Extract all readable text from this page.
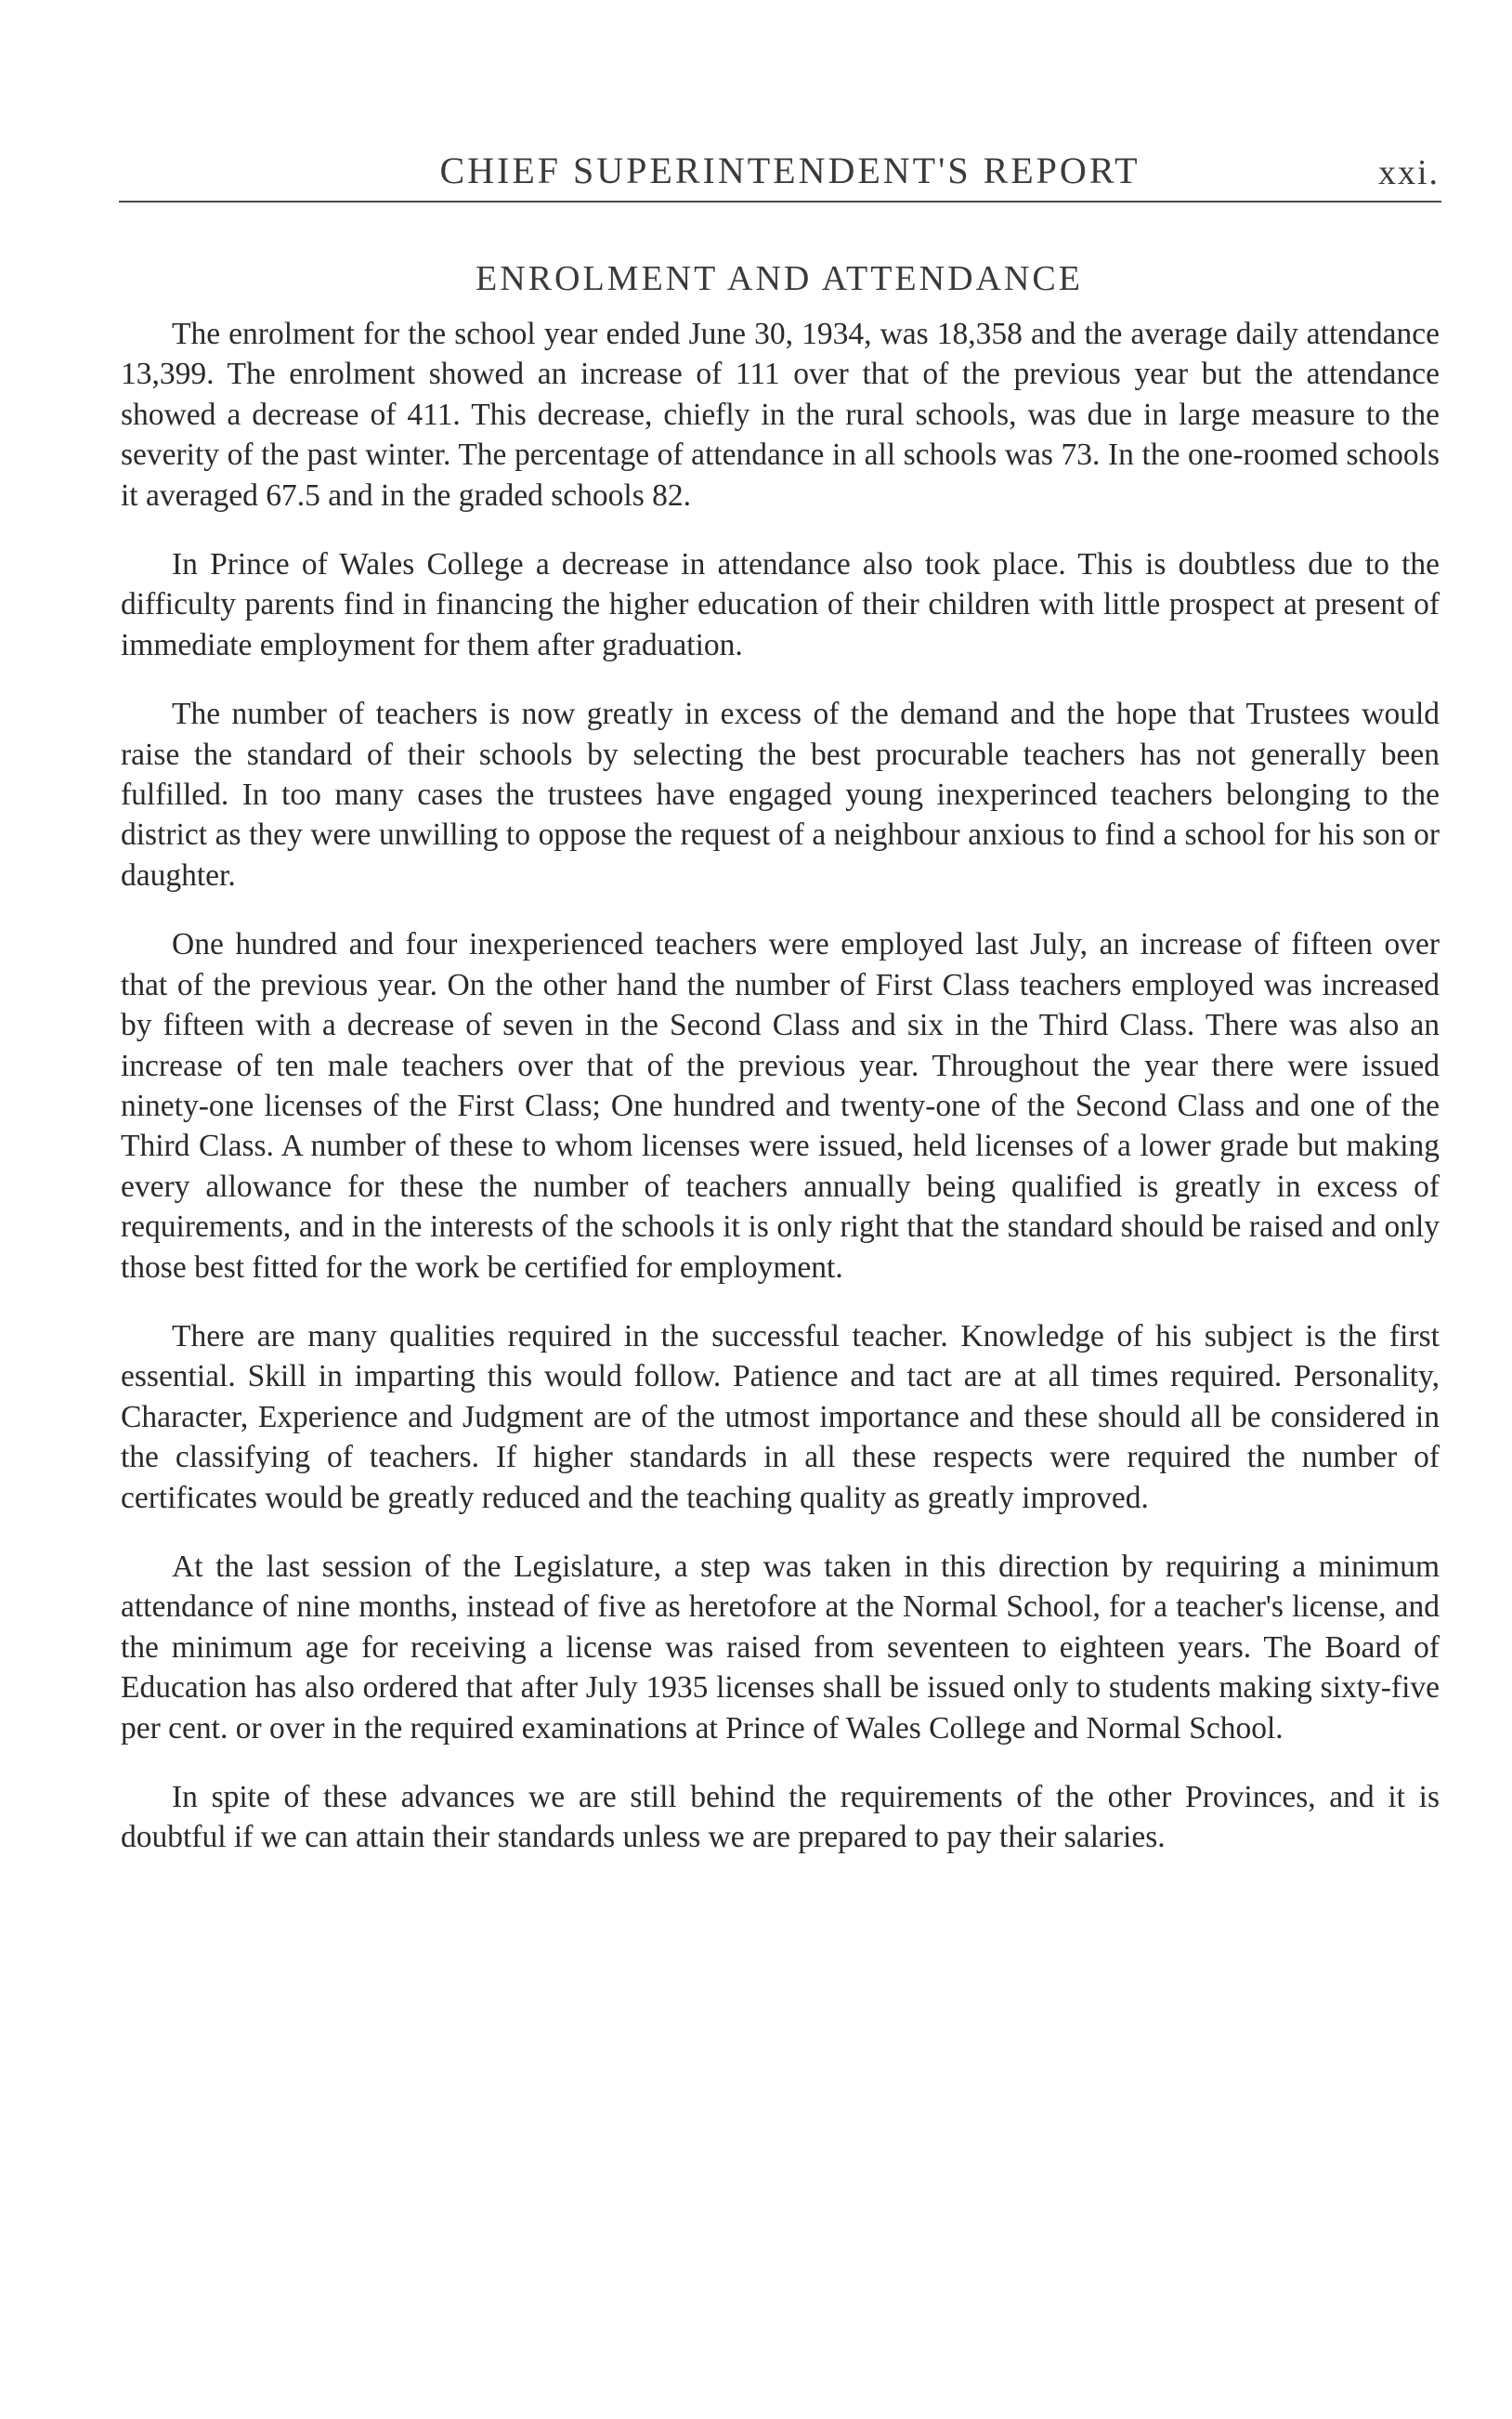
CHIEF SUPERINTENDENT'S REPORT	xxi.
ENROLMENT AND ATTENDANCE

The enrolment for the school year ended June 30, 1934, was 18,358 and the average daily attendance 13,399. The enrolment showed an increase of 111 over that of the previous year but the attendance showed a decrease of 411. This decrease, chiefly in the rural schools, was due in large measure to the severity of the past winter. The percentage of attendance in all schools was 73. In the one-roomed schools it averaged 67.5 and in the graded schools 82.

In Prince of Wales College a decrease in attendance also took place. This is doubtless due to the difficulty parents find in financing the higher education of their children with little prospect at present of immediate employment for them after graduation.

The number of teachers is now greatly in excess of the demand and the hope that Trustees would raise the standard of their schools by selecting the best procurable teachers has not generally been fulfilled. In too many cases the trustees have engaged young inexperinced teachers belonging to the district as they were unwilling to oppose the request of a neighbour anxious to find a school for his son or daughter.

One hundred and four inexperienced teachers were employed last July, an increase of fifteen over that of the previous year. On the other hand the number of First Class teachers employed was increased by fifteen with a decrease of seven in the Second Class and six in the Third Class. There was also an increase of ten male teachers over that of the previous year. Throughout the year there were issued ninety-one licenses of the First Class; One hundred and twenty-one of the Second Class and one of the Third Class. A number of these to whom licenses were issued, held licenses of a lower grade but making every allowance for these the number of teachers annually being qualified is greatly in excess of requirements, and in the interests of the schools it is only right that the standard should be raised and only those best fitted for the work be certified for employment.

There are many qualities required in the successful teacher. Knowledge of his subject is the first essential. Skill in imparting this would follow. Patience and tact are at all times required. Personality, Character, Experience and Judgment are of the utmost importance and these should all be considered in the classifying of teachers. If higher standards in all these respects were required the number of certificates would be greatly reduced and the teaching quality as greatly improved.

At the last session of the Legislature, a step was taken in this direction by requiring a minimum attendance of nine months, instead of five as heretofore at the Normal School, for a teacher's license, and the minimum age for receiving a license was raised from seventeen to eighteen years. The Board of Education has also ordered that after July 1935 licenses shall be issued only to students making sixty-five per cent. or over in the required examinations at Prince of Wales College and Normal School.

In spite of these advances we are still behind the requirements of the other Provinces, and it is doubtful if we can attain their standards unless we are prepared to pay their salaries.
